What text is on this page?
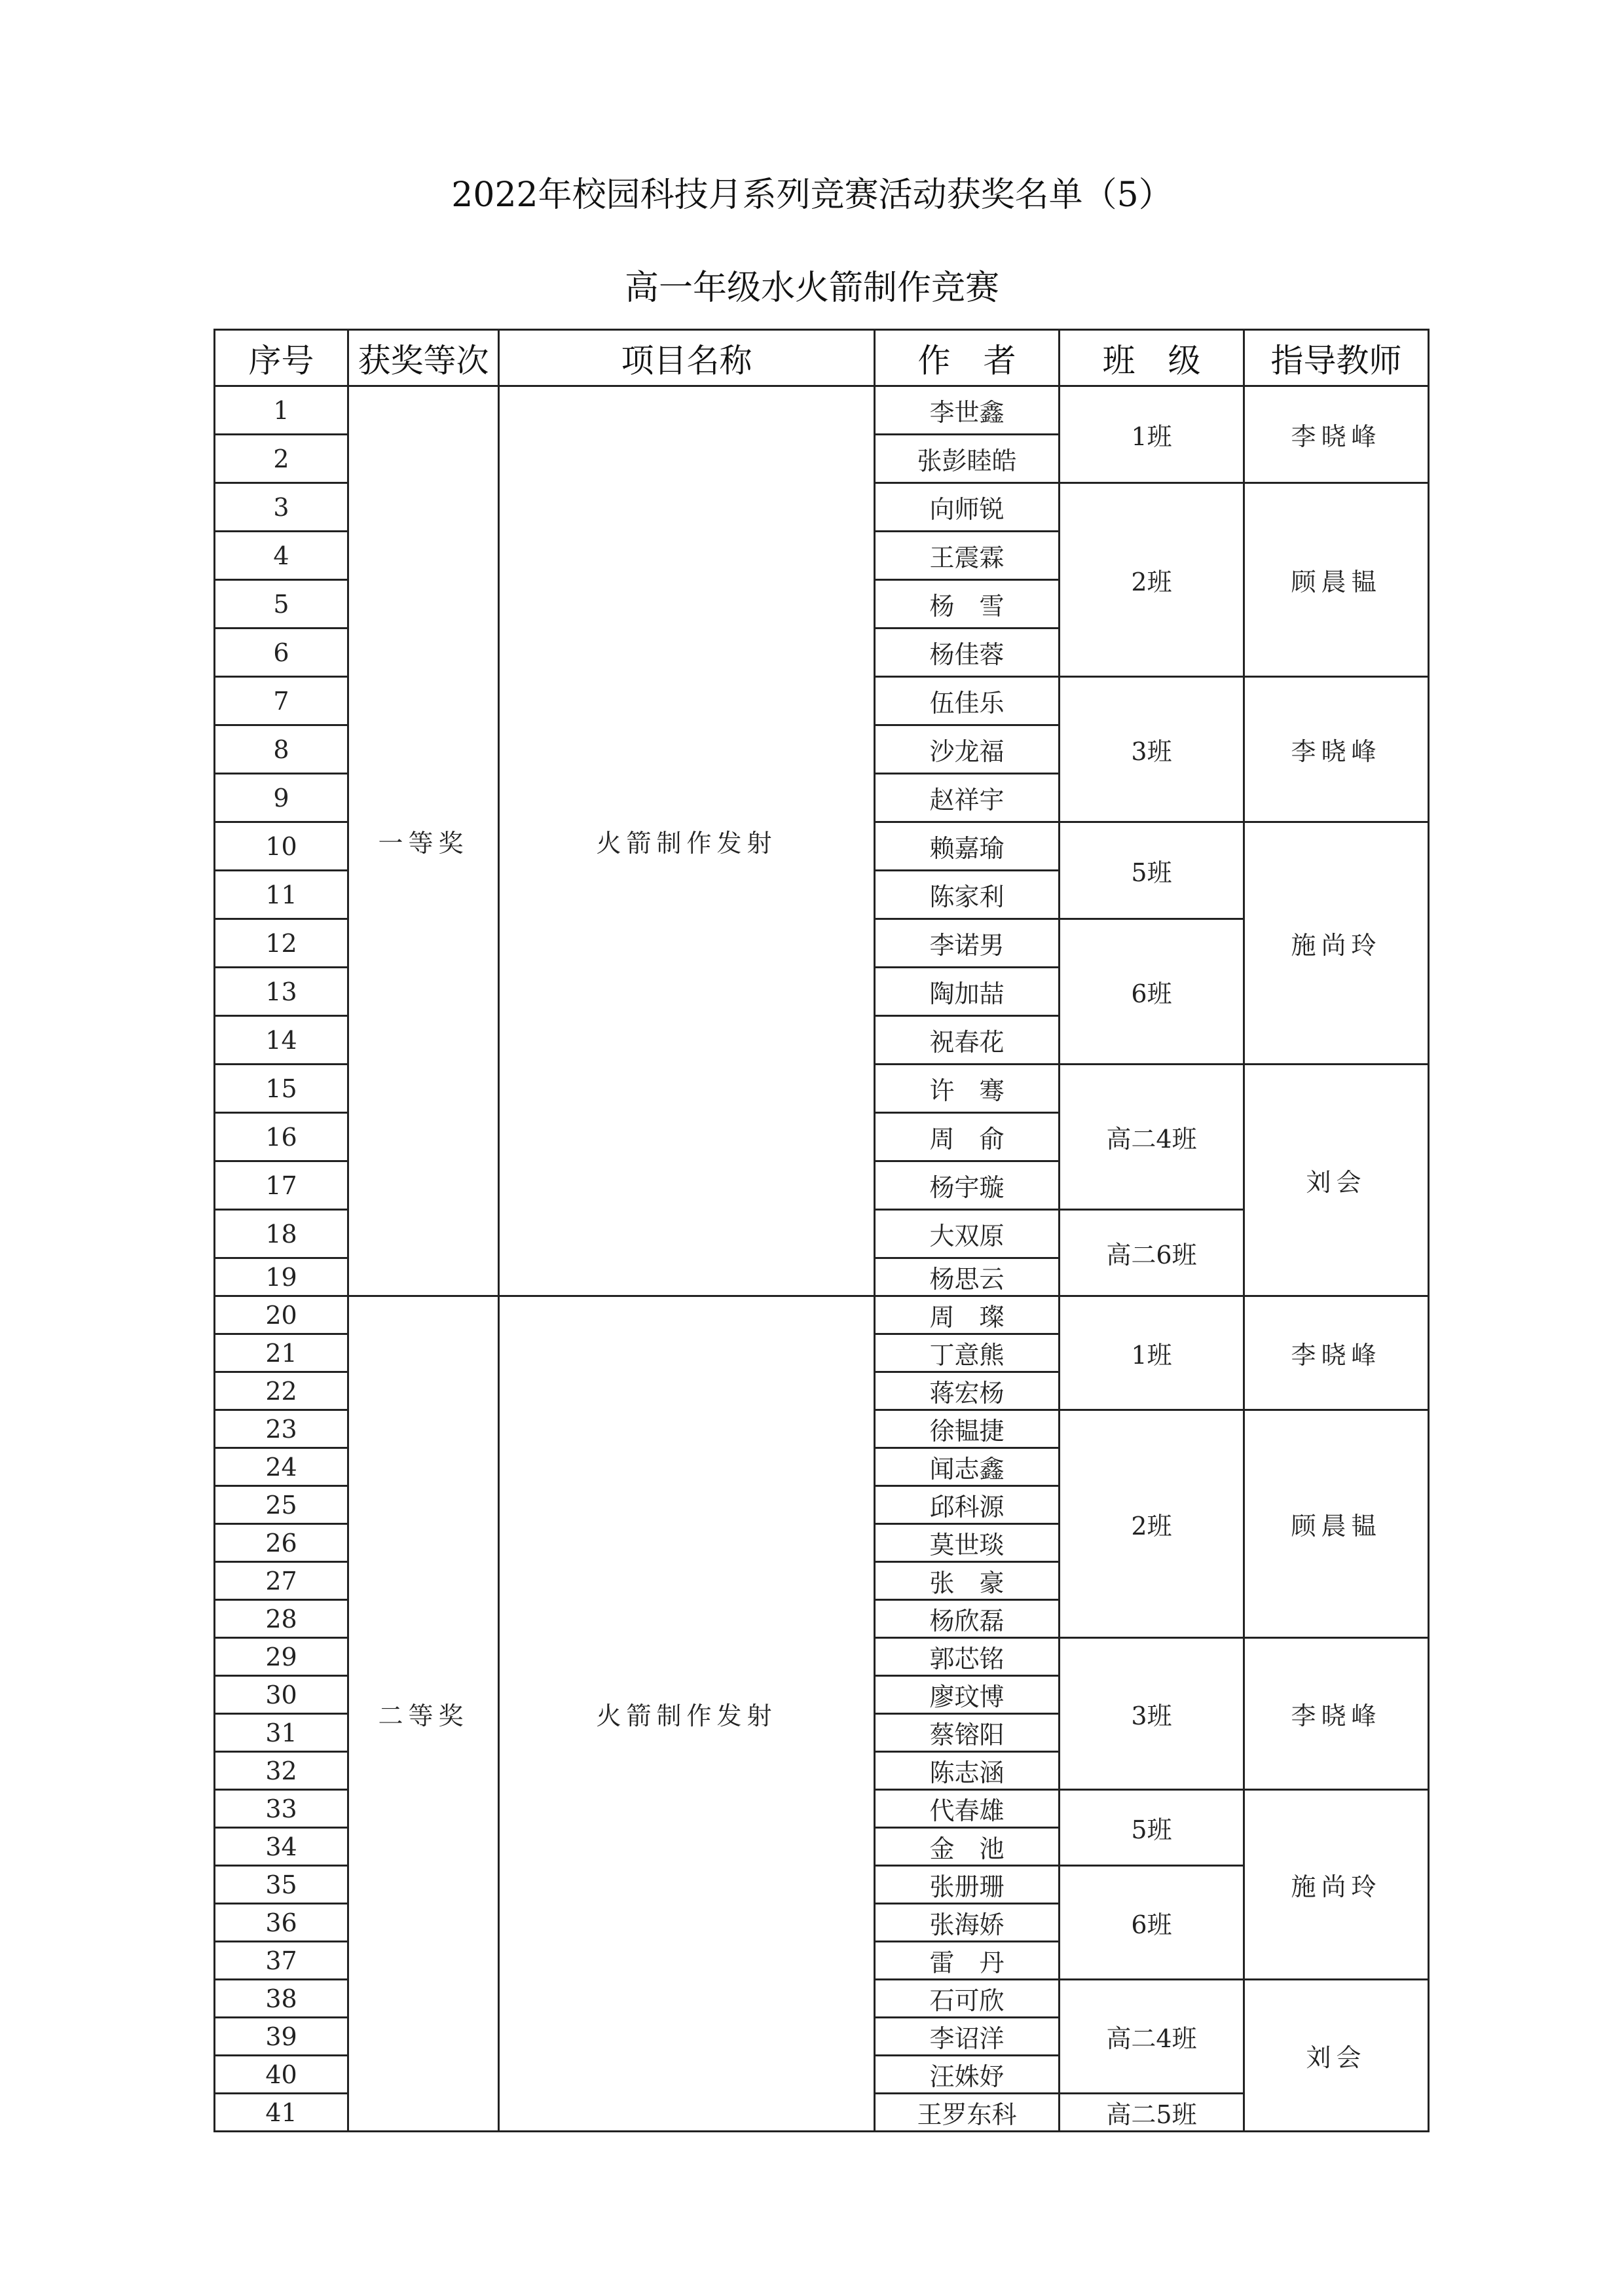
2022年校园科技月系列竞赛活动获奖名单（5）
高一年级水火箭制作竞赛
序号	获奖等次	项目名称	作　者	班　级	指导教师
1	一等奖	火箭制作发射	李世鑫	1班	李晓峰
2			张彭睦皓		
3			向师锐	2班	顾晨韫
4			王震霖		
5			杨　雪		
6			杨佳蓉		
7			伍佳乐	3班	李晓峰
8			沙龙福		
9			赵祥宇		
10			赖嘉瑜	5班	施尚玲
11			陈家利		
12			李诺男	6班	
13			陶加喆		
14			祝春花		
15			许　骞	高二4班	刘会
16			周　俞		
17			杨宇璇		
18			大双原	高二6班	
19			杨思云		
20	二等奖	火箭制作发射	周　璨	1班	李晓峰
21			丁意熊		
22			蒋宏杨		
23			徐韫捷	2班	顾晨韫
24			闻志鑫		
25			邱科源		
26			莫世琰		
27			张　豪		
28			杨欣磊		
29			郭芯铭	3班	李晓峰
30			廖玟博		
31			蔡镕阳		
32			陈志涵		
33			代春雄	5班	施尚玲
34			金　池		
35			张册珊	6班	
36			张海娇		
37			雷　丹		
38			石可欣	高二4班	刘会
39			李诏洋		
40			汪姝妤		
41			王罗东科	高二5班	
